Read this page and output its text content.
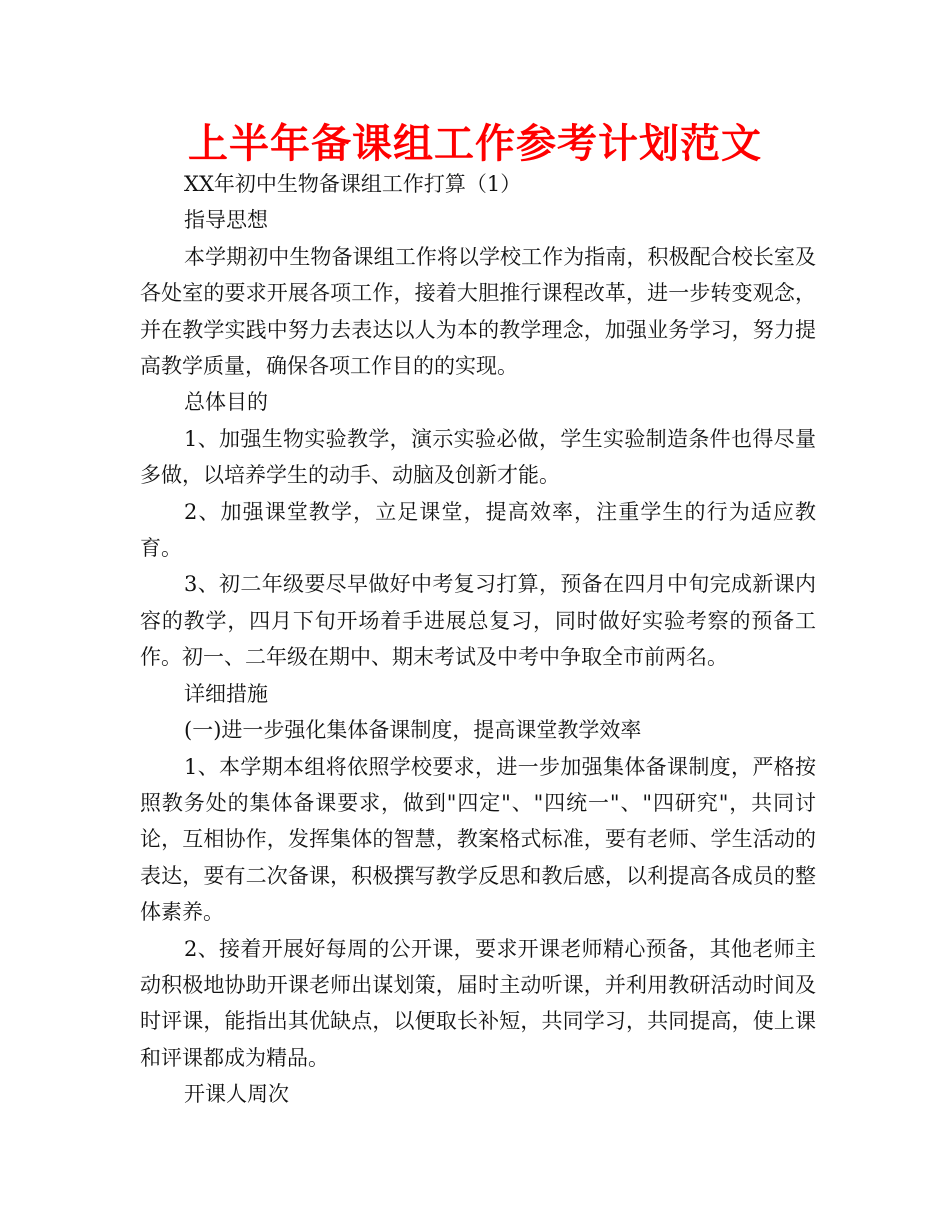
上半年备课组工作参考计划范文

XX年初中生物备课组工作打算（1）

指导思想

本学期初中生物备课组工作将以学校工作为指南，积极配合校长室及各处室的要求开展各项工作，接着大胆推行课程改革，进一步转变观念，并在教学实践中努力去表达以人为本的教学理念，加强业务学习，努力提高教学质量，确保各项工作目的的实现。

总体目的

1、加强生物实验教学，演示实验必做，学生实验制造条件也得尽量多做，以培养学生的动手、动脑及创新才能。

2、加强课堂教学，立足课堂，提高效率，注重学生的行为适应教育。

3、初二年级要尽早做好中考复习打算，预备在四月中旬完成新课内容的教学，四月下旬开场着手进展总复习，同时做好实验考察的预备工作。初一、二年级在期中、期末考试及中考中争取全市前两名。

详细措施

(一)进一步强化集体备课制度，提高课堂教学效率

1、本学期本组将依照学校要求，进一步加强集体备课制度，严格按照教务处的集体备课要求，做到"四定"、"四统一"、"四研究"，共同讨论，互相协作，发挥集体的智慧，教案格式标准，要有老师、学生活动的表达，要有二次备课，积极撰写教学反思和教后感，以利提高各成员的整体素养。

2、接着开展好每周的公开课，要求开课老师精心预备，其他老师主动积极地协助开课老师出谋划策，届时主动听课，并利用教研活动时间及时评课，能指出其优缺点，以便取长补短，共同学习，共同提高，使上课和评课都成为精品。

开课人周次
